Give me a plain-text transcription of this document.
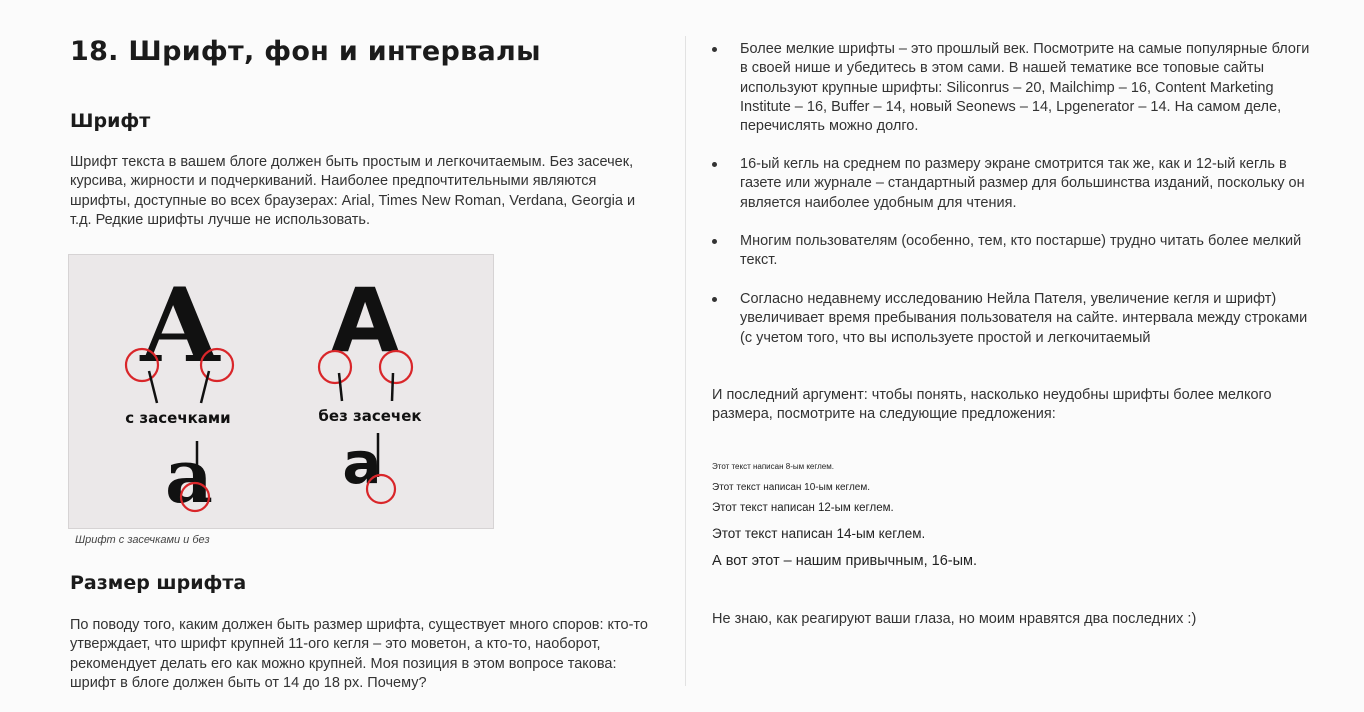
18. Шрифт, фон и интервалы
Шрифт

Шрифт текста в вашем блоге должен быть простым и легкочитаемым. Без засечек, курсива, жирности и подчеркиваний. Наиболее предпочтительными являются шрифты, доступные во всех браузерах: Arial, Times New Roman, Verdana, Georgia и т.д. Редкие шрифты лучше не использовать.

A A
с засечками	без засечек
a a

Шрифт с засечками и без

Размер шрифта

По поводу того, каким должен быть размер шрифта, существует много споров: кто-то утверждает, что шрифт крупней 11-ого кегля – это моветон, а кто-то, наоборот, рекомендует делать его как можно крупней. Моя позиция в этом вопросе такова: шрифт в блоге должен быть от 14 до 18 px. Почему?

Более мелкие шрифты – это прошлый век. Посмотрите на самые популярные блоги в своей нише и убедитесь в этом сами. В нашей тематике все топовые сайты используют крупные шрифты: Siliconrus – 20, Mailchimp – 16, Content Marketing Institute – 16, Buffer – 14, новый Seonews – 14, Lpgenerator – 14. На самом деле, перечислять можно долго.
16-ый кегль на среднем по размеру экране смотрится так же, как и 12-ый кегль в газете или журнале – стандартный размер для большинства изданий, поскольку он является наиболее удобным для чтения.
Многим пользователям (особенно, тем, кто постарше) трудно читать более мелкий текст.
Согласно недавнему исследованию Нейла Пателя, увеличение кегля и шрифт) увеличивает время пребывания пользователя на сайте. интервала между строками (с учетом того, что вы используете простой и легкочитаемый

И последний аргумент: чтобы понять, насколько неудобны шрифты более мелкого размера, посмотрите на следующие предложения:

Этот текст написан 8-ым кеглем.

Этот текст написан 10-ым кеглем.

Этот текст написан 12-ым кеглем.

Этот текст написан 14-ым кеглем.

А вот этот – нашим привычным, 16-ым.

Не знаю, как реагируют ваши глаза, но моим нравятся два последних :)
